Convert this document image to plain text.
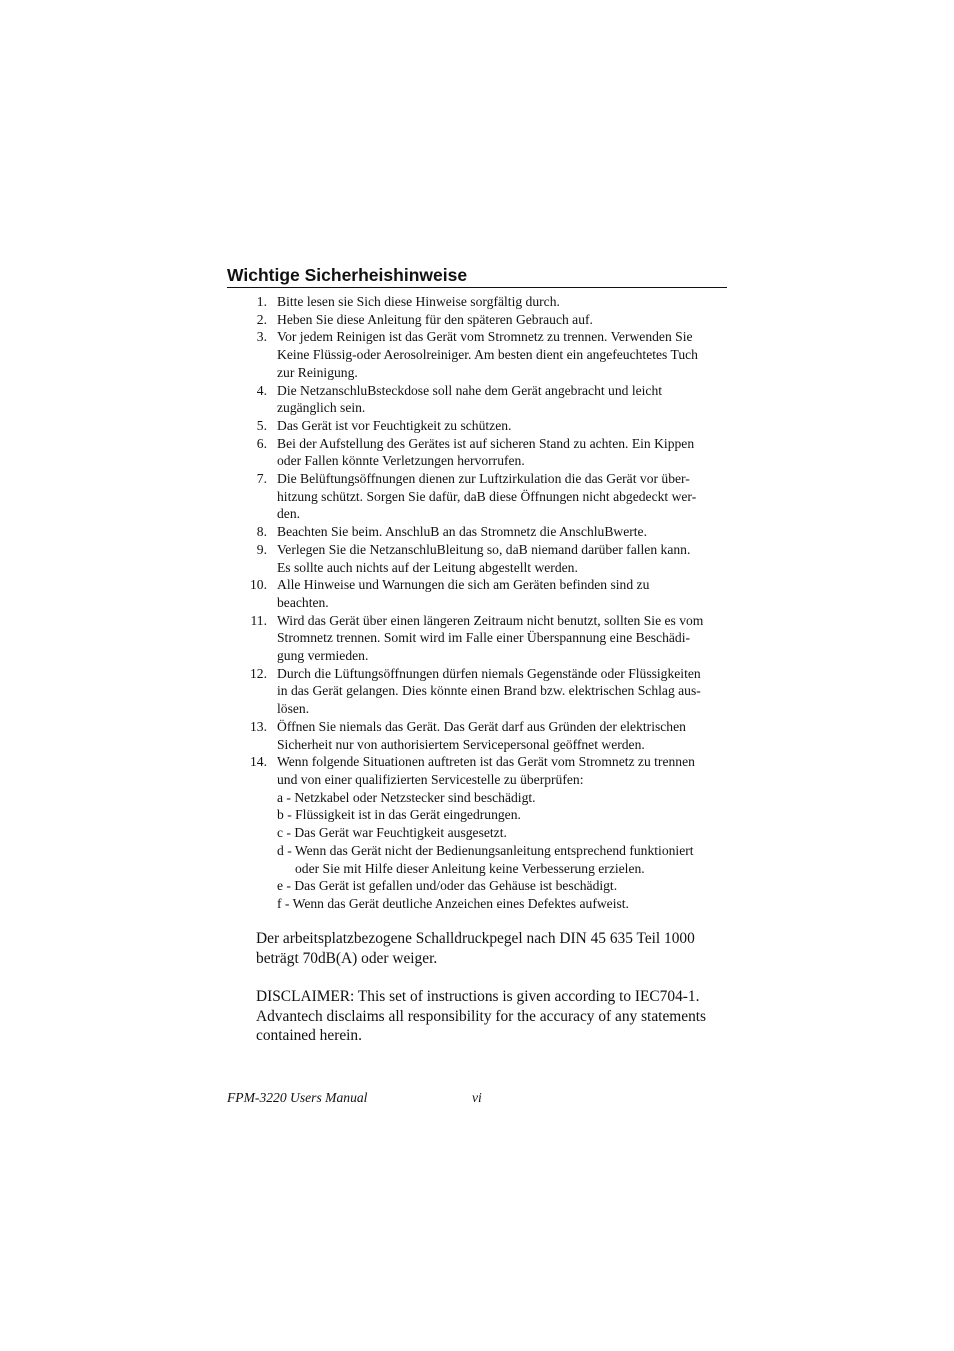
Wichtige Sicherheishinweise
1. Bitte lesen sie Sich diese Hinweise sorgfältig durch.
2. Heben Sie diese Anleitung für den späteren Gebrauch auf.
3. Vor jedem Reinigen ist das Gerät vom Stromnetz zu trennen. Verwenden Sie
Keine Flüssig-oder Aerosolreiniger. Am besten dient ein angefeuchtetes Tuch
zur Reinigung.
4. Die NetzanschluBsteckdose soll nahe dem Gerät angebracht und leicht
zugänglich sein.
5. Das Gerät ist vor Feuchtigkeit zu schützen.
6. Bei der Aufstellung des Gerätes ist auf sicheren Stand zu achten. Ein Kippen
oder Fallen könnte Verletzungen hervorrufen.
7. Die Belüftungsöffnungen dienen zur Luftzirkulation die das Gerät vor über-
hitzung schützt. Sorgen Sie dafür, daB diese Öffnungen nicht abgedeckt wer-
den.
8. Beachten Sie beim. AnschluB an das Stromnetz die AnschluBwerte.
9. Verlegen Sie die NetzanschluBleitung so, daB niemand darüber fallen kann.
Es sollte auch nichts auf der Leitung abgestellt werden.
10. Alle Hinweise und Warnungen die sich am Geräten befinden sind zu
beachten.
11. Wird das Gerät über einen längeren Zeitraum nicht benutzt, sollten Sie es vom
Stromnetz trennen. Somit wird im Falle einer Überspannung eine Beschädi-
gung vermieden.
12. Durch die Lüftungsöffnungen dürfen niemals Gegenstände oder Flüssigkeiten
in das Gerät gelangen. Dies könnte einen Brand bzw. elektrischen Schlag aus-
lösen.
13. Öffnen Sie niemals das Gerät. Das Gerät darf aus Gründen der elektrischen
Sicherheit nur von authorisiertem Servicepersonal geöffnet werden.
14. Wenn folgende Situationen auftreten ist das Gerät vom Stromnetz zu trennen
und von einer qualifizierten Servicestelle zu überprüfen:
a - Netzkabel oder Netzstecker sind beschädigt.
b - Flüssigkeit ist in das Gerät eingedrungen.
c - Das Gerät war Feuchtigkeit ausgesetzt.
d - Wenn das Gerät nicht der Bedienungsanleitung entsprechend funktioniert
oder Sie mit Hilfe dieser Anleitung keine Verbesserung erzielen.
e - Das Gerät ist gefallen und/oder das Gehäuse ist beschädigt.
f - Wenn das Gerät deutliche Anzeichen eines Defektes aufweist.
Der arbeitsplatzbezogene Schalldruckpegel nach DIN 45 635 Teil 1000
beträgt 70dB(A) oder weiger.
DISCLAIMER: This set of instructions is given according to IEC704-1.
Advantech disclaims all responsibility for the accuracy of any statements
contained herein.
FPM-3220 Users Manual	vi
